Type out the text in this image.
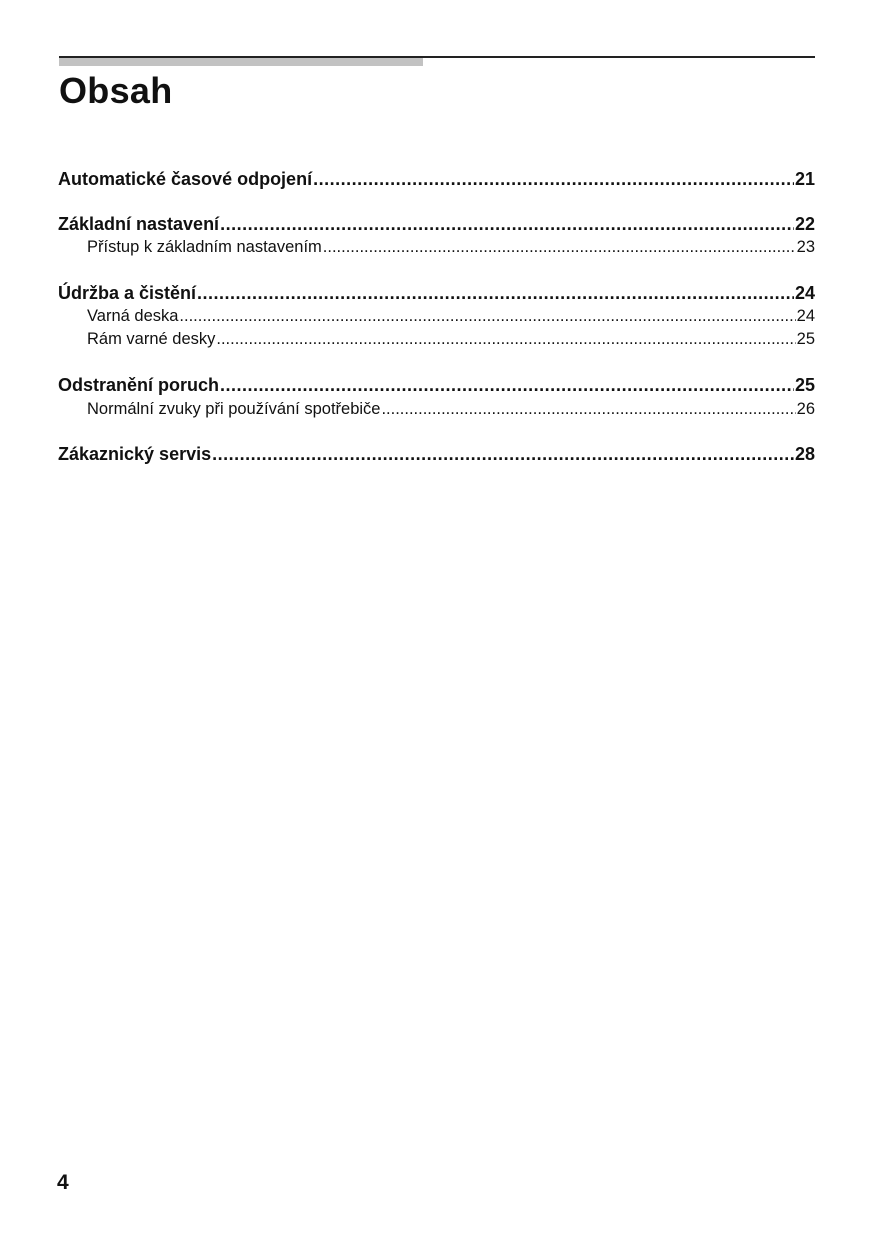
Obsah
Automatické časové odpojení .....	21
Základní nastavení .....	22
Přístup k základním nastavením .....	23
Údržba a čistění .....	24
Varná deska .....	24
Rám varné desky .....	25
Odstranění poruch .....	25
Normální zvuky při používání spotřebiče .....	26
Zákaznický servis .....	28
4
